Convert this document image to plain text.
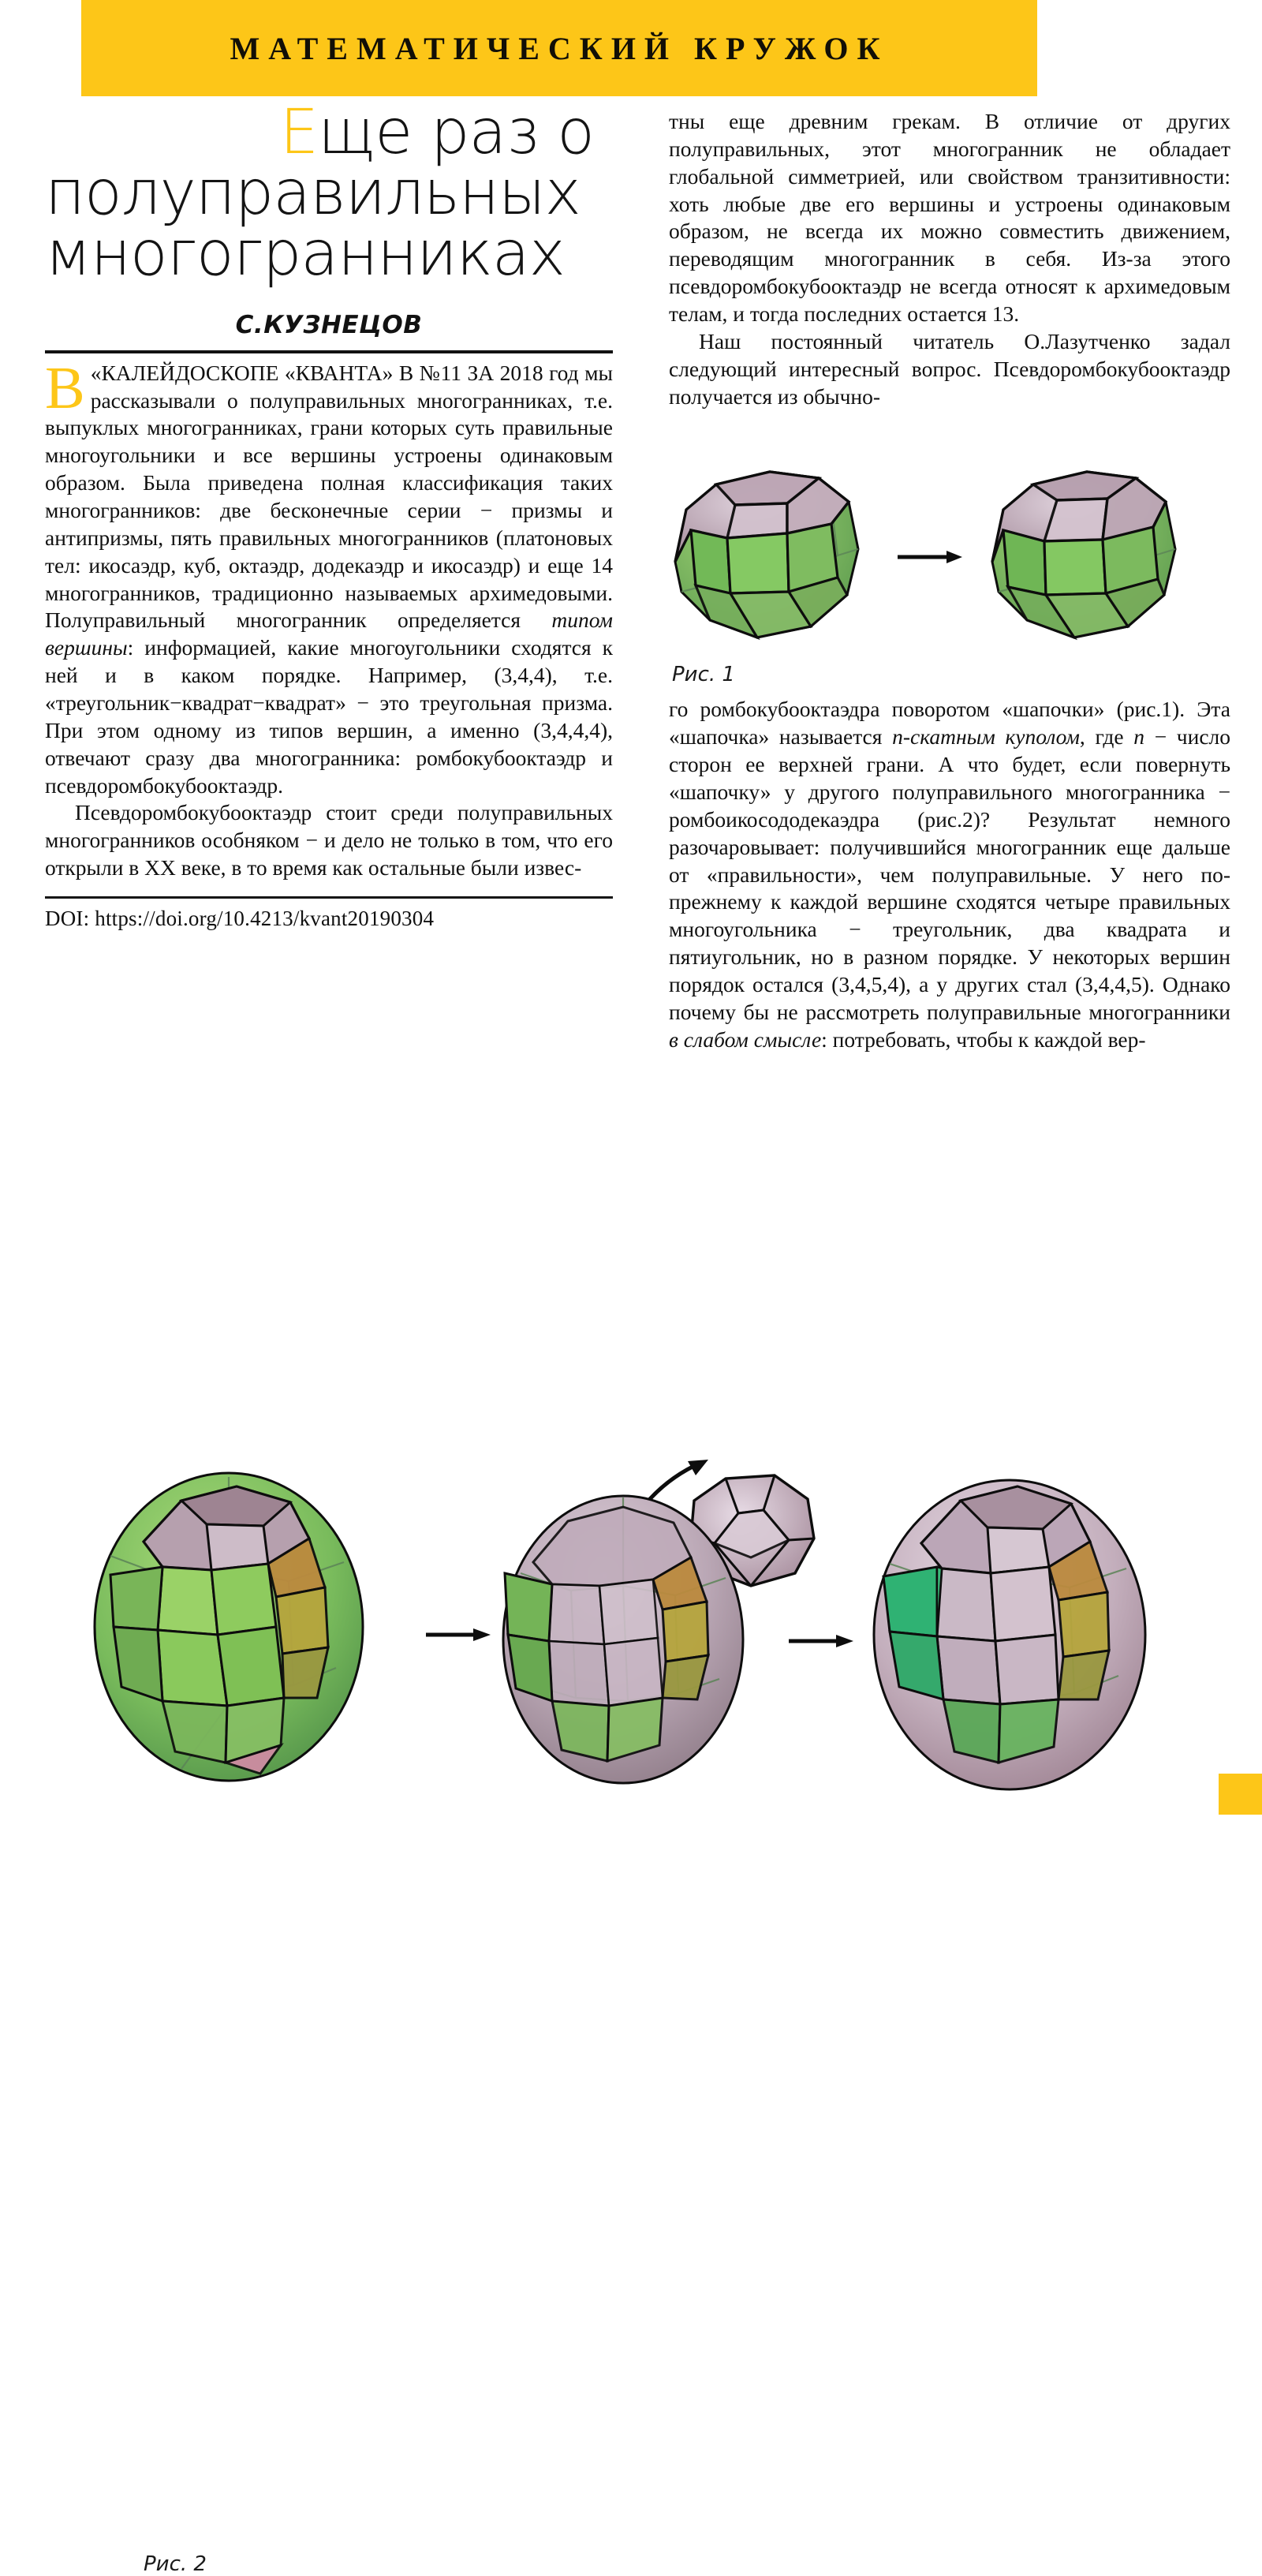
МАТЕМАТИЧЕСКИЙ КРУЖОК
Еще раз о
полуправильных
многогранниках
С.КУЗНЕЦОВ

В «КАЛЕЙДОСКОПЕ «КВАНТА» В №11 ЗА 2018 год мы рассказывали о полуправильных многогранниках, т.е. выпуклых многогранниках, грани которых суть правильные многоугольники и все вершины устроены одинаковым образом. Была приведена полная классификация таких многогранников: две бесконечные серии − призмы и антипризмы, пять правильных многогранников (платоновых тел: икосаэдр, куб, октаэдр, додекаэдр и икосаэдр) и еще 14 многогранников, традиционно называемых архимедовыми. Полуправильный многогранник определяется типом вершины: информацией, какие многоугольники сходятся к ней и в каком порядке. Например, (3,4,4), т.е. «треугольник−квадрат−квадрат» − это треугольная призма. При этом одному из типов вершин, а именно (3,4,4,4), отвечают сразу два многогранника: ромбокубооктаэдр и псевдоромбокубооктаэдр.

Псевдоромбокубооктаэдр стоит среди полуправильных многогранников особняком − и дело не только в том, что его открыли в XX веке, в то время как остальные были извес-

DOI: https://doi.org/10.4213/kvant20190304

тны еще древним грекам. В отличие от других полуправильных, этот многогранник не обладает глобальной симметрией, или свойством транзитивности: хоть любые две его вершины и устроены одинаковым образом, не всегда их можно совместить движением, переводящим многогранник в себя. Из-за этого псевдоромбокубооктаэдр не всегда относят к архимедовым телам, и тогда последних остается 13.

Наш постоянный читатель О.Лазутченко задал следующий интересный вопрос. Псевдоромбокубооктаэдр получается из обычно-

Рис. 1

го ромбокубооктаэдра поворотом «шапочки» (рис.1). Эта «шапочка» называется n-скатным куполом, где n − число сторон ее верхней грани. А что будет, если повернуть «шапочку» у другого полуправильного многогранника − ромбоикосододекаэдра (рис.2)? Результат немного разочаровывает: получившийся многогранник еще дальше от «правильности», чем полуправильные. У него по-прежнему к каждой вершине сходятся четыре правильных многоугольника − треугольник, два квадрата и пятиугольник, но в разном порядке. У некоторых вершин порядок остался (3,4,5,4), а у других стал (3,4,4,5). Однако почему бы не рассмотреть полуправильные многогранники в слабом смысле: потребовать, чтобы к каждой вер-

Рис. 2
